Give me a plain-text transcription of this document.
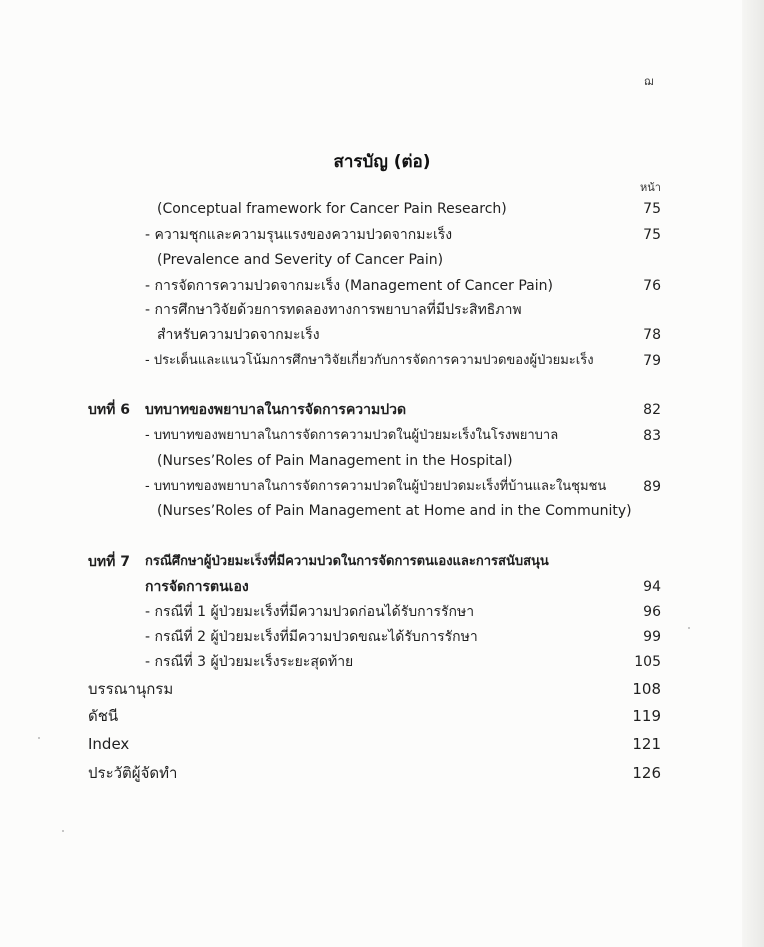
ฌ
สารบัญ (ต่อ)
หน้า
(Conceptual framework for Cancer Pain Research)	75
- ความชุกและความรุนแรงของความปวดจากมะเร็ง	75
(Prevalence and Severity of Cancer Pain)
- การจัดการความปวดจากมะเร็ง (Management of Cancer Pain)	76
- การศึกษาวิจัยด้วยการทดลองทางการพยาบาลที่มีประสิทธิภาพ
สำหรับความปวดจากมะเร็ง	78
- ประเด็นและแนวโน้มการศึกษาวิจัยเกี่ยวกับการจัดการความปวดของผู้ป่วยมะเร็ง	79
บทที่ 6 บทบาทของพยาบาลในการจัดการความปวด	82
- บทบาทของพยาบาลในการจัดการความปวดในผู้ป่วยมะเร็งในโรงพยาบาล	83
(Nurses’Roles of Pain Management in the Hospital)
- บทบาทของพยาบาลในการจัดการความปวดในผู้ป่วยปวดมะเร็งที่บ้านและในชุมชน	89
(Nurses’Roles of Pain Management at Home and in the Community)
บทที่ 7 กรณีศึกษาผู้ป่วยมะเร็งที่มีความปวดในการจัดการตนเองและการสนับสนุน
การจัดการตนเอง	94
- กรณีที่ 1 ผู้ป่วยมะเร็งที่มีความปวดก่อนได้รับการรักษา	96
- กรณีที่ 2 ผู้ป่วยมะเร็งที่มีความปวดขณะได้รับการรักษา	99
- กรณีที่ 3 ผู้ป่วยมะเร็งระยะสุดท้าย	105
บรรณานุกรม	108
ดัชนี	119
Index	121
ประวัติผู้จัดทำ	126
